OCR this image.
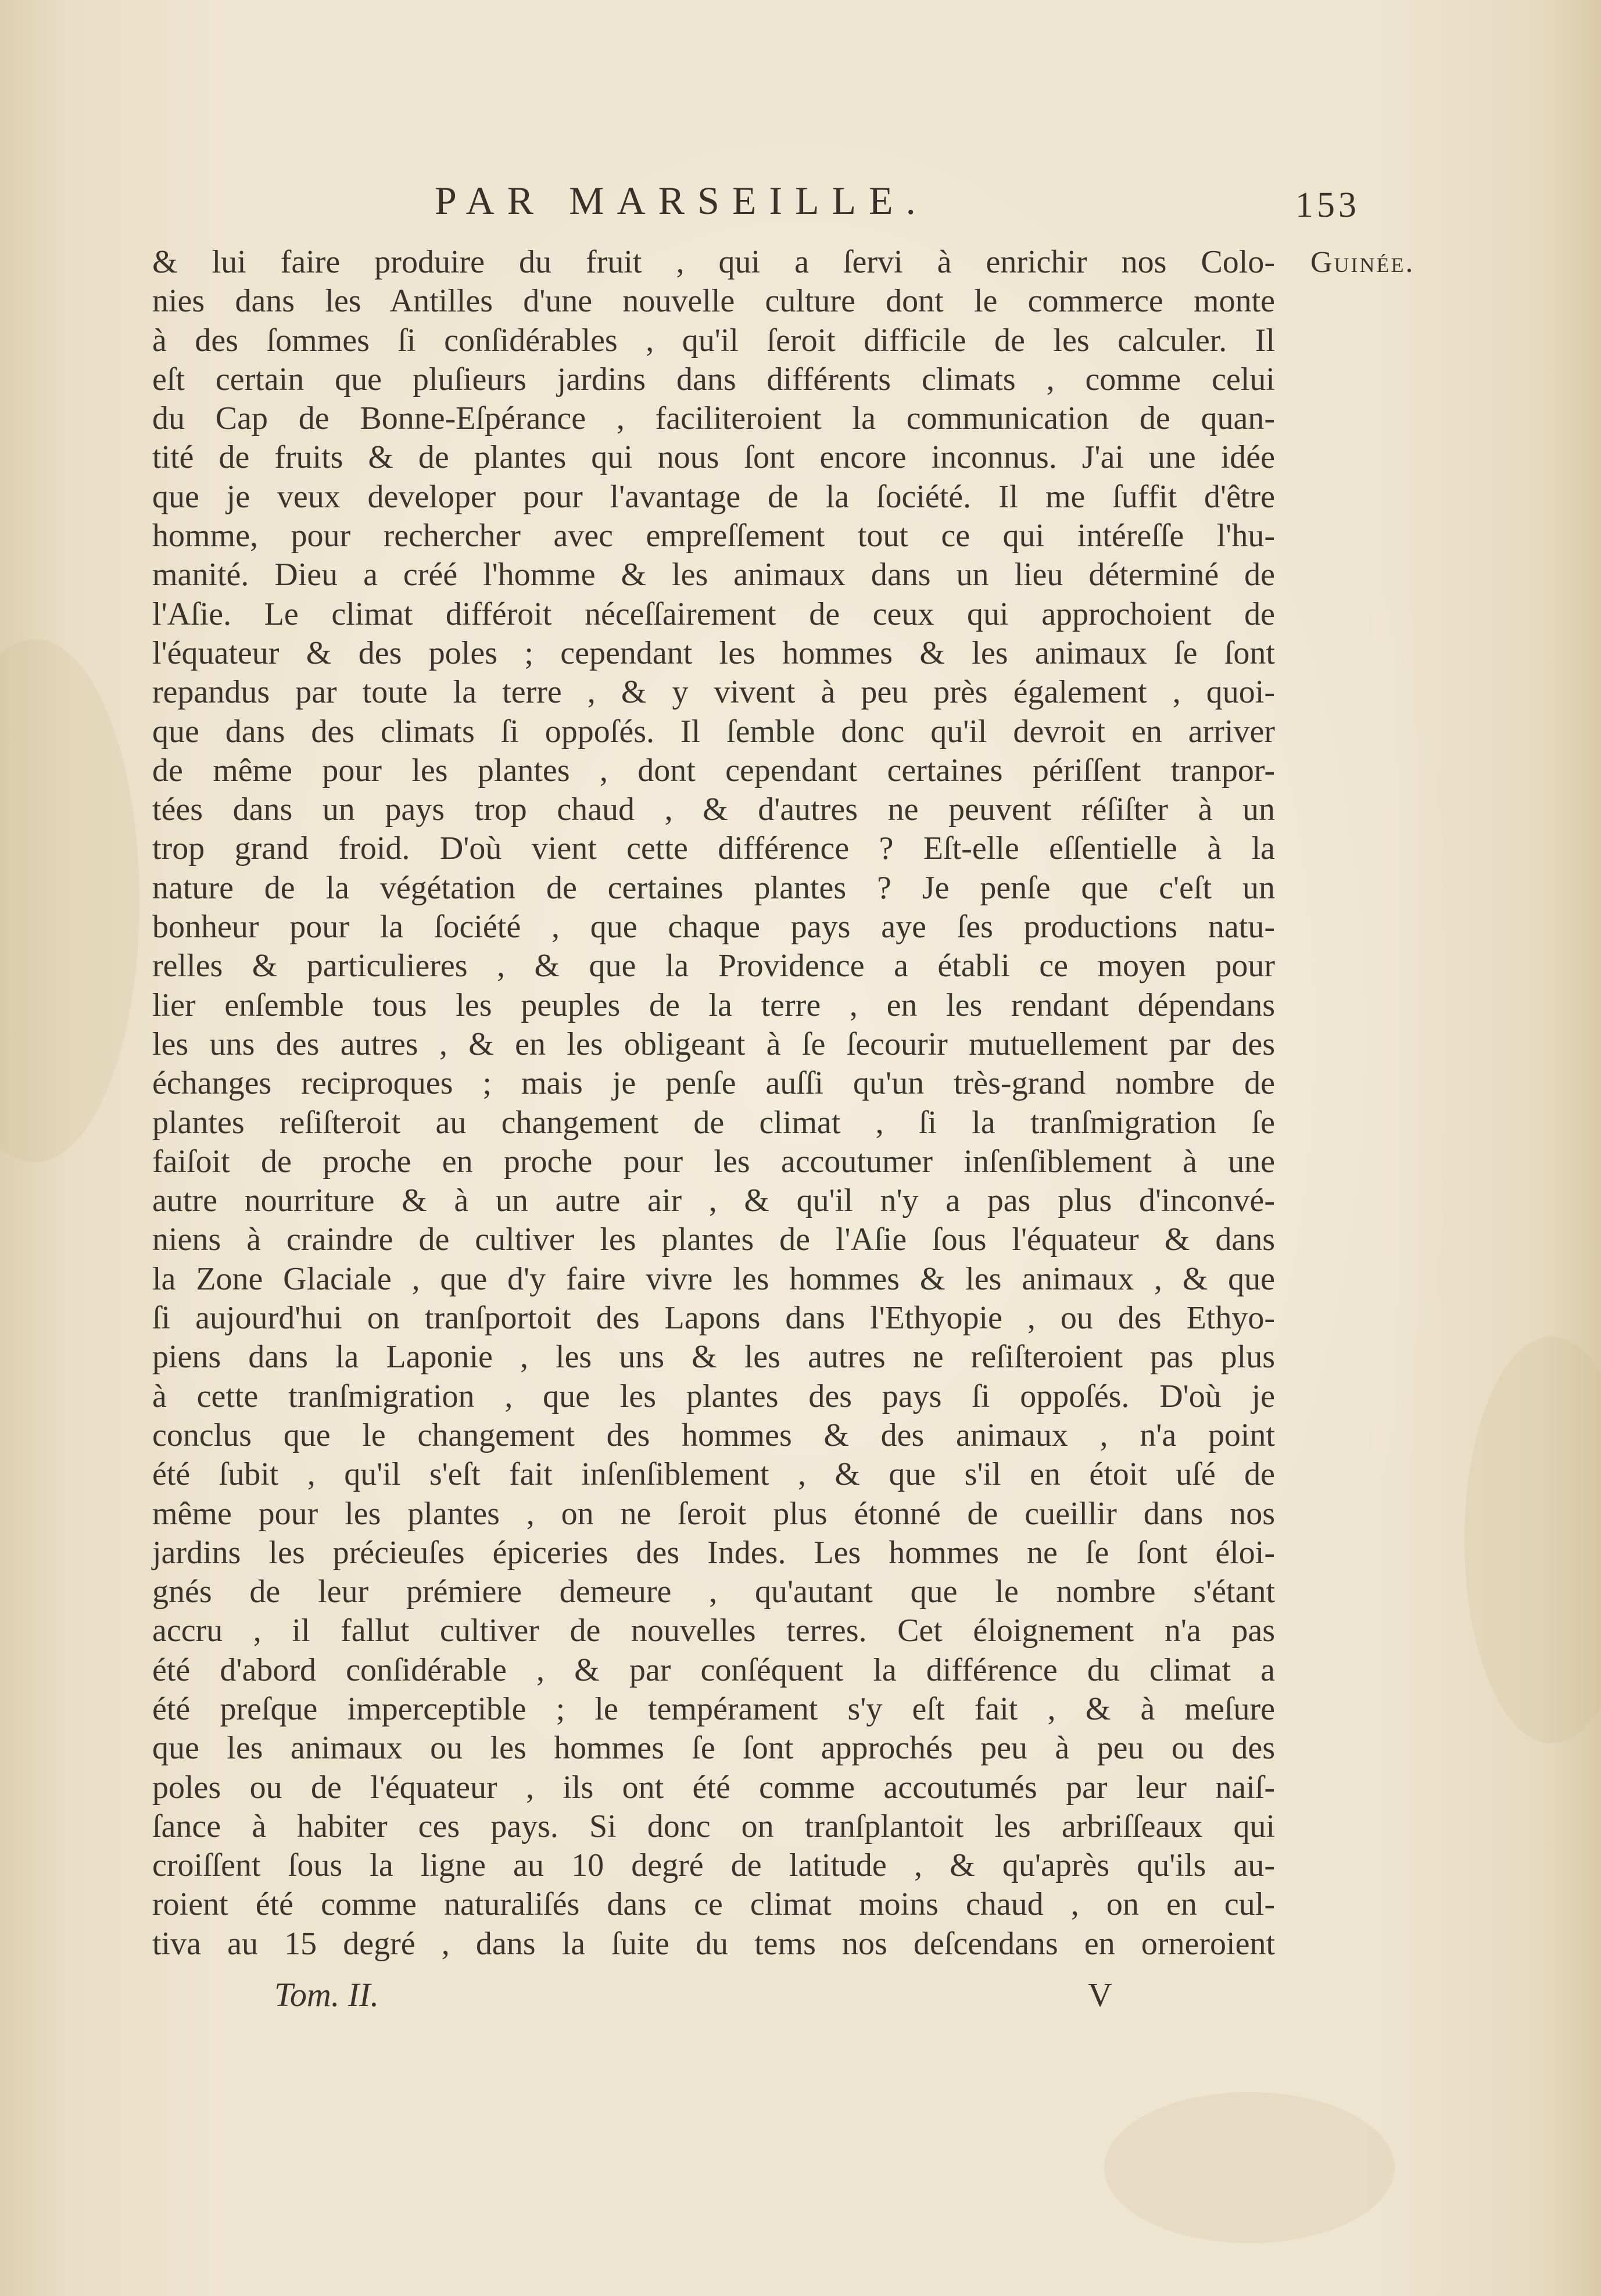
PAR MARSEILLE.	153
Guinée.
& lui faire produire du fruit , qui a ſervi à enrichir nos Colo-
nies dans les Antilles d'une nouvelle culture dont le commerce monte
à des ſommes ſi conſidérables , qu'il ſeroit difficile de les calculer. Il
eſt certain que pluſieurs jardins dans différents climats , comme celui
du Cap de Bonne-Eſpérance , faciliteroient la communication de quan-
tité de fruits & de plantes qui nous ſont encore inconnus. J'ai une idée
que je veux developer pour l'avantage de la ſociété. Il me ſuffit d'être
homme, pour rechercher avec empreſſement tout ce qui intéreſſe l'hu-
manité. Dieu a créé l'homme & les animaux dans un lieu déterminé de
l'Aſie. Le climat différoit néceſſairement de ceux qui approchoient de
l'équateur & des poles ; cependant les hommes & les animaux ſe ſont
repandus par toute la terre , & y vivent à peu près également , quoi-
que dans des climats ſi oppoſés. Il ſemble donc qu'il devroit en arriver
de même pour les plantes , dont cependant certaines périſſent tranpor-
tées dans un pays trop chaud , & d'autres ne peuvent réſiſter à un
trop grand froid. D'où vient cette différence ? Eſt-elle eſſentielle à la
nature de la végétation de certaines plantes ? Je penſe que c'eſt un
bonheur pour la ſociété , que chaque pays aye ſes productions natu-
relles & particulieres , & que la Providence a établi ce moyen pour
lier enſemble tous les peuples de la terre , en les rendant dépendans
les uns des autres , & en les obligeant à ſe ſecourir mutuellement par des
échanges reciproques ; mais je penſe auſſi qu'un très-grand nombre de
plantes reſiſteroit au changement de climat , ſi la tranſmigration ſe
faiſoit de proche en proche pour les accoutumer inſenſiblement à une
autre nourriture & à un autre air , & qu'il n'y a pas plus d'inconvé-
niens à craindre de cultiver les plantes de l'Aſie ſous l'équateur & dans
la Zone Glaciale , que d'y faire vivre les hommes & les animaux , & que
ſi aujourd'hui on tranſportoit des Lapons dans l'Ethyopie , ou des Ethyo-
piens dans la Laponie , les uns & les autres ne reſiſteroient pas plus
à cette tranſmigration , que les plantes des pays ſi oppoſés. D'où je
conclus que le changement des hommes & des animaux , n'a point
été ſubit , qu'il s'eſt fait inſenſiblement , & que s'il en étoit uſé de
même pour les plantes , on ne ſeroit plus étonné de cueillir dans nos
jardins les précieuſes épiceries des Indes. Les hommes ne ſe ſont éloi-
gnés de leur prémiere demeure , qu'autant que le nombre s'étant
accru , il fallut cultiver de nouvelles terres. Cet éloignement n'a pas
été d'abord conſidérable , & par conſéquent la différence du climat a
été preſque imperceptible ; le tempérament s'y eſt fait , & à meſure
que les animaux ou les hommes ſe ſont approchés peu à peu ou des
poles ou de l'équateur , ils ont été comme accoutumés par leur naiſ-
ſance à habiter ces pays. Si donc on tranſplantoit les arbriſſeaux qui
croiſſent ſous la ligne au 10 degré de latitude , & qu'après qu'ils au-
roient été comme naturaliſés dans ce climat moins chaud , on en cul-
tiva au 15 degré , dans la ſuite du tems nos deſcendans en orneroient
Tom. II.	V
